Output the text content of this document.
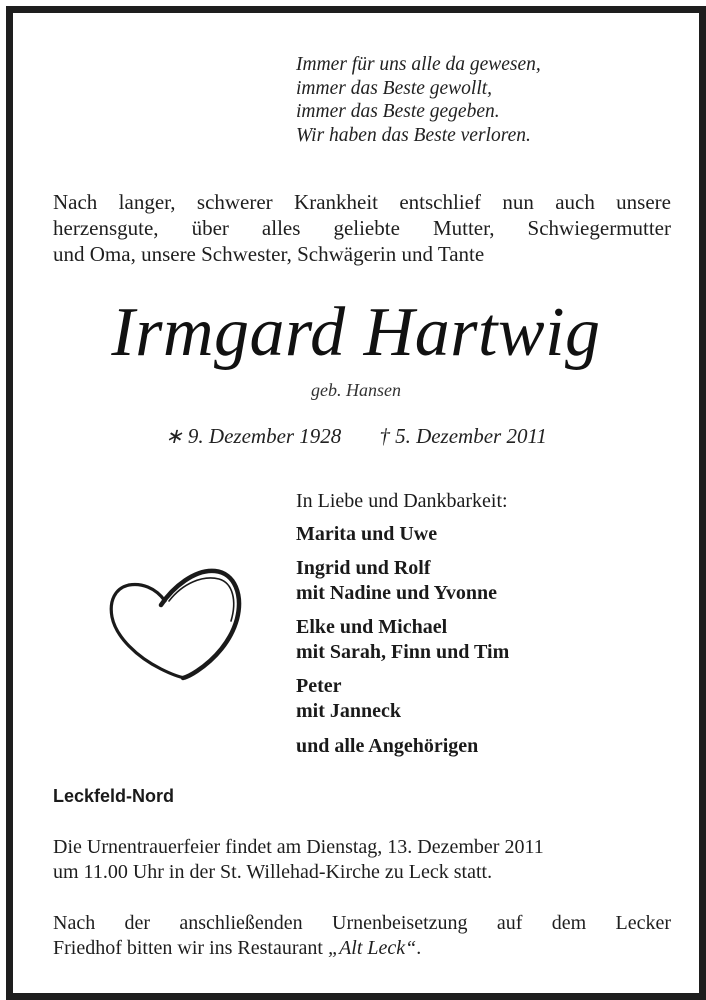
Immer für uns alle da gewesen,
immer das Beste gewollt,
immer das Beste gegeben.
Wir haben das Beste verloren.
Nach langer, schwerer Krankheit entschlief nun auch unsere
herzensgute, über alles geliebte Mutter, Schwiegermutter
und Oma, unsere Schwester, Schwägerin und Tante
Irmgard Hartwig
geb. Hansen
∗ 9. Dezember 1928 † 5. Dezember 2011
In Liebe und Dankbarkeit:
Marita und Uwe
Ingrid und Rolf
mit Nadine und Yvonne
Elke und Michael
mit Sarah, Finn und Tim
Peter
mit Janneck
und alle Angehörigen
Leckfeld-Nord
Die Urnentrauerfeier findet am Dienstag, 13. Dezember 2011
um 11.00 Uhr in der St. Willehad-Kirche zu Leck statt.
Nach der anschließenden Urnenbeisetzung auf dem Lecker
Friedhof bitten wir ins Restaurant „Alt Leck“.
